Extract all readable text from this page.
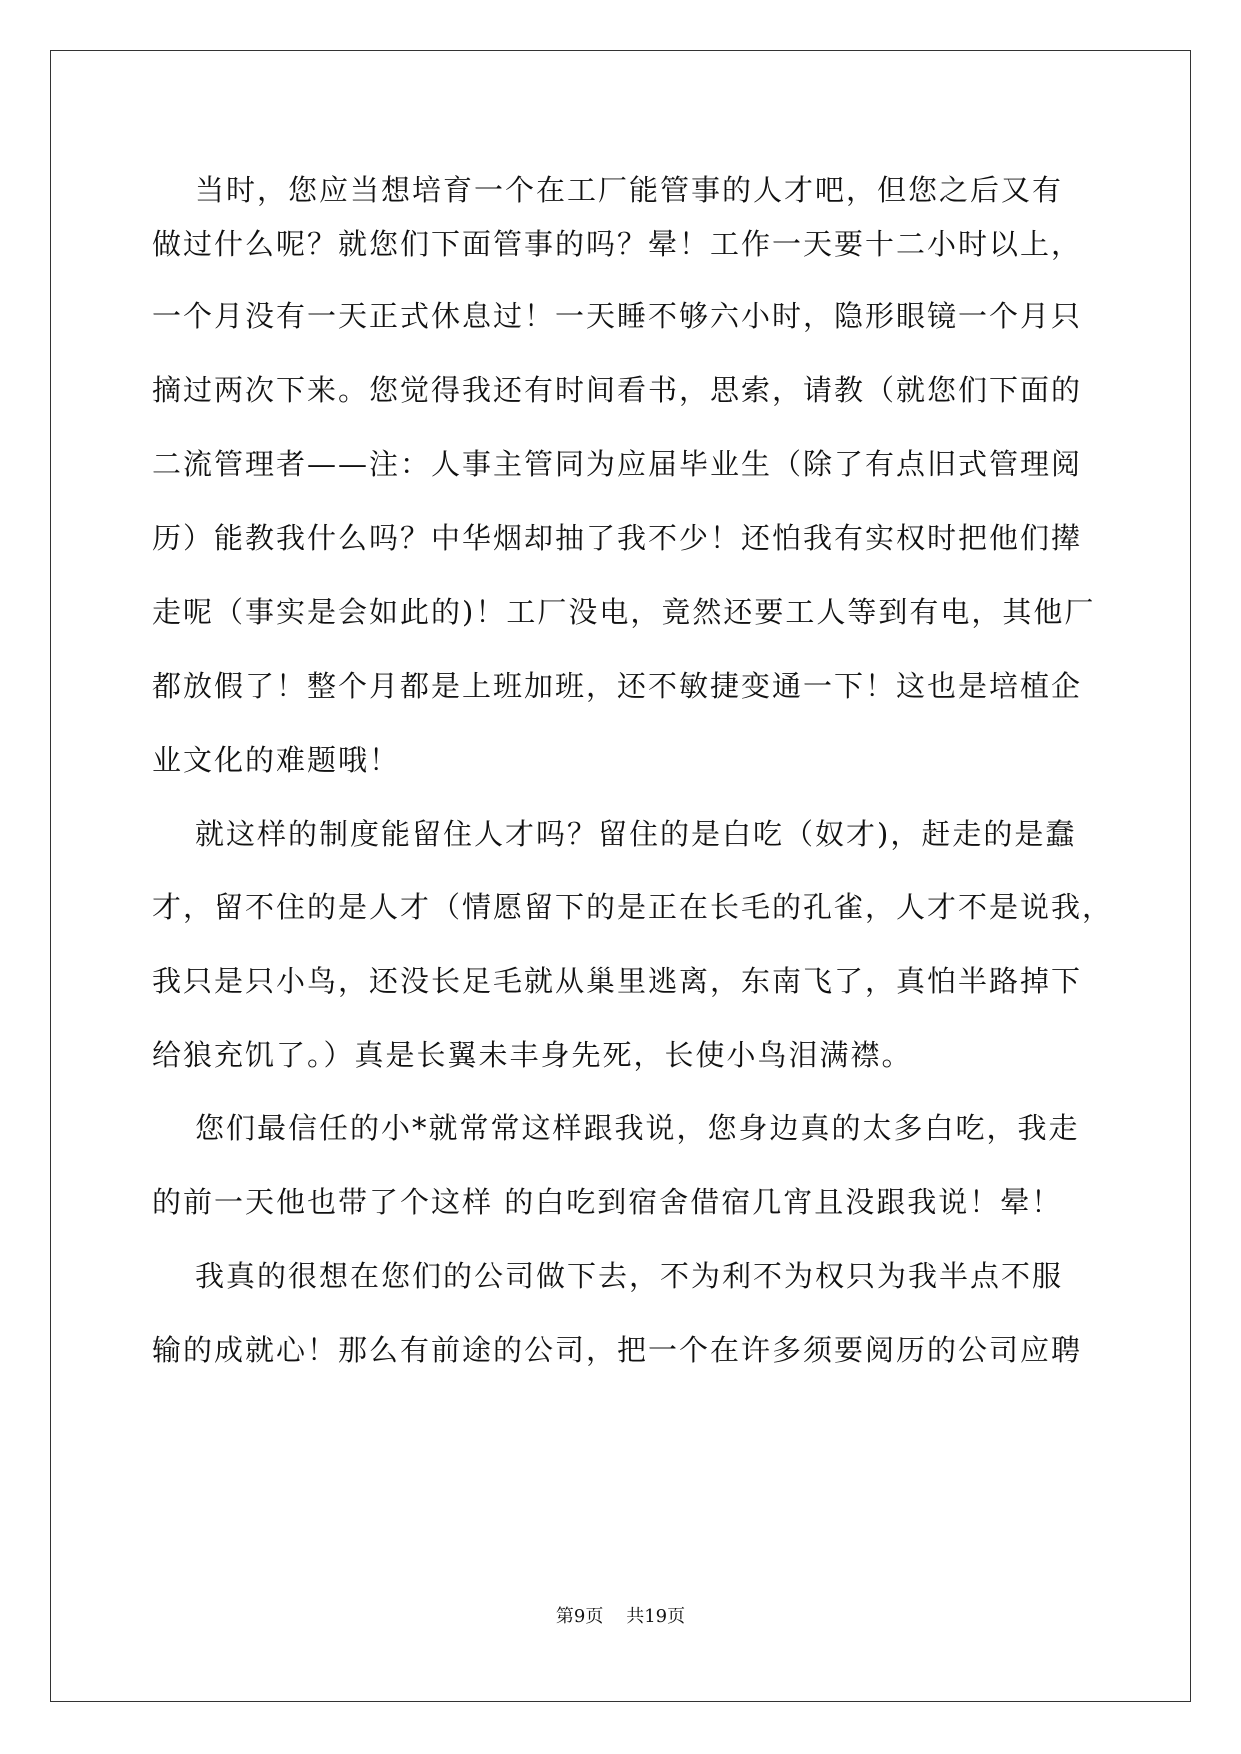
当时，您应当想培育一个在工厂能管事的人才吧，但您之后又有
做过什么呢？就您们下面管事的吗？晕！工作一天要十二小时以上，
一个月没有一天正式休息过！一天睡不够六小时，隐形眼镜一个月只
摘过两次下来。您觉得我还有时间看书，思索，请教（就您们下面的
二流管理者——注：人事主管同为应届毕业生（除了有点旧式管理阅
历）能教我什么吗？中华烟却抽了我不少！还怕我有实权时把他们撵
走呢（事实是会如此的)！工厂没电，竟然还要工人等到有电，其他厂
都放假了！整个月都是上班加班，还不敏捷变通一下！这也是培植企
业文化的难题哦！
就这样的制度能留住人才吗？留住的是白吃（奴才)，赶走的是蠢
才，留不住的是人才（情愿留下的是正在长毛的孔雀，人才不是说我，
我只是只小鸟，还没长足毛就从巢里逃离，东南飞了，真怕半路掉下
给狼充饥了。）真是长翼未丰身先死，长使小鸟泪满襟。
您们最信任的小*就常常这样跟我说，您身边真的太多白吃，我走
的前一天他也带了个这样 的白吃到宿舍借宿几宵且没跟我说！晕！
我真的很想在您们的公司做下去，不为利不为权只为我半点不服
输的成就心！那么有前途的公司，把一个在许多须要阅历的公司应聘
第9页 共19页
